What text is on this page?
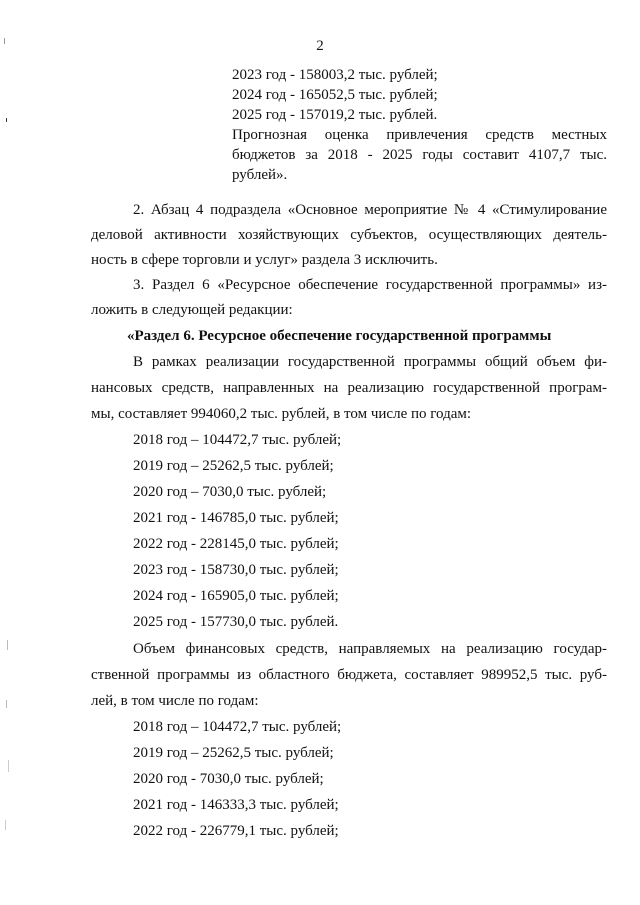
2
2023 год - 158003,2 тыс. рублей;
2024 год - 165052,5 тыс. рублей;
2025 год - 157019,2 тыс. рублей.
Прогнозная оценка привлечения средств местных
бюджетов за 2018 - 2025 годы составит 4107,7 тыс.
рублей».
2. Абзац 4 подраздела «Основное мероприятие № 4 «Стимулирование
деловой активности хозяйствующих субъектов, осуществляющих деятель-
ность в сфере торговли и услуг» раздела 3 исключить.
3. Раздел 6 «Ресурсное обеспечение государственной программы» из-
ложить в следующей редакции:
«Раздел 6. Ресурсное обеспечение государственной программы
В рамках реализации государственной программы общий объем фи-
нансовых средств, направленных на реализацию государственной програм-
мы, составляет 994060,2 тыс. рублей, в том числе по годам:
2018 год – 104472,7 тыс. рублей;
2019 год – 25262,5 тыс. рублей;
2020 год – 7030,0 тыс. рублей;
2021 год - 146785,0 тыс. рублей;
2022 год - 228145,0 тыс. рублей;
2023 год - 158730,0 тыс. рублей;
2024 год - 165905,0 тыс. рублей;
2025 год - 157730,0 тыс. рублей.
Объем финансовых средств, направляемых на реализацию государ-
ственной программы из областного бюджета, составляет 989952,5 тыс. руб-
лей, в том числе по годам:
2018 год – 104472,7 тыс. рублей;
2019 год – 25262,5 тыс. рублей;
2020 год - 7030,0 тыс. рублей;
2021 год - 146333,3 тыс. рублей;
2022 год - 226779,1 тыс. рублей;
